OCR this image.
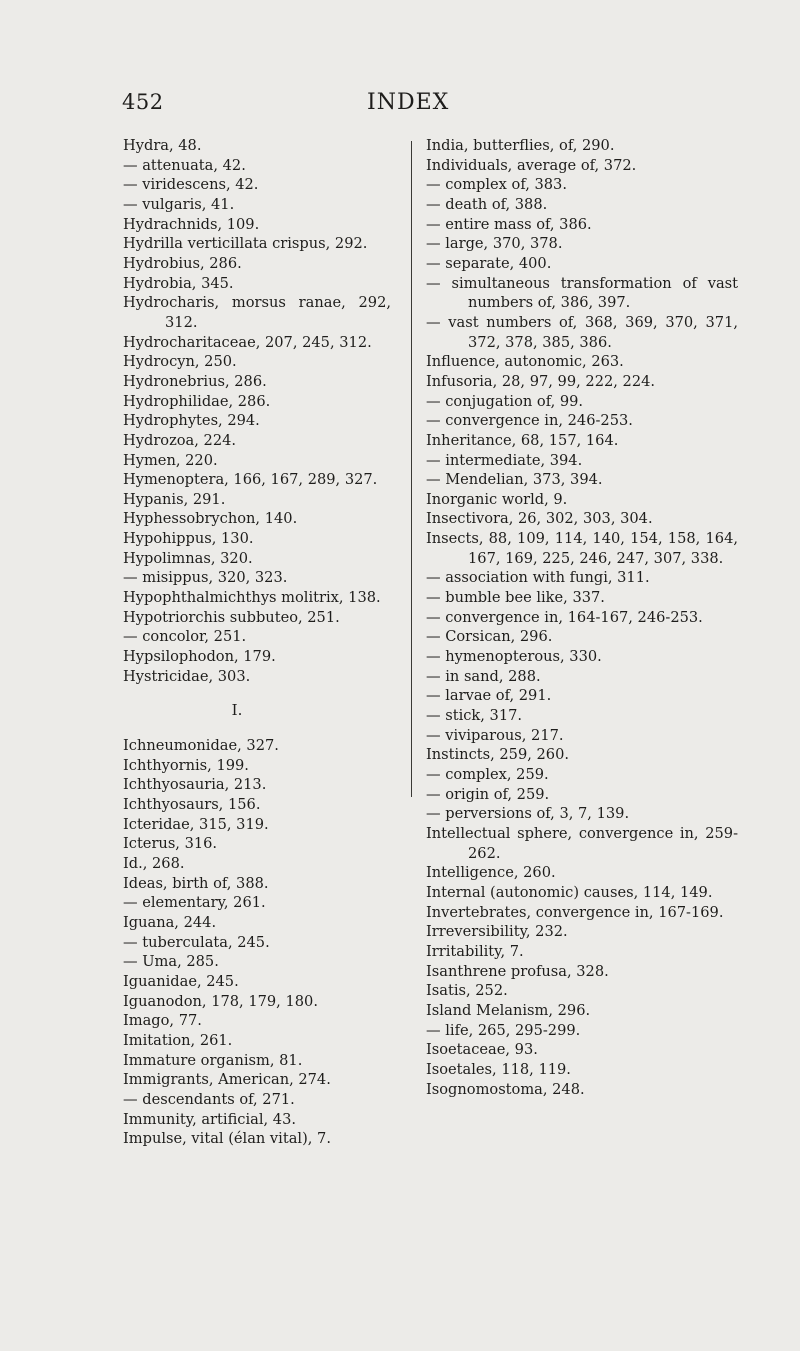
452	INDEX
Hydra, 48.
— attenuata, 42.
— viridescens, 42.
— vulgaris, 41.
Hydrachnids, 109.
Hydrilla verticillata crispus, 292.
Hydrobius, 286.
Hydrobia, 345.
Hydrocharis, morsus ranae, 292, 312.
Hydrocharitaceae, 207, 245, 312.
Hydrocyn, 250.
Hydronebrius, 286.
Hydrophilidae, 286.
Hydrophytes, 294.
Hydrozoa, 224.
Hymen, 220.
Hymenoptera, 166, 167, 289, 327.
Hypanis, 291.
Hyphessobrychon, 140.
Hypohippus, 130.
Hypolimnas, 320.
— misippus, 320, 323.
Hypophthalmichthys molitrix, 138.
Hypotriorchis subbuteo, 251.
— concolor, 251.
Hypsilophodon, 179.
Hystricidae, 303.
I.
Ichneumonidae, 327.
Ichthyornis, 199.
Ichthyosauria, 213.
Ichthyosaurs, 156.
Icteridae, 315, 319.
Icterus, 316.
Id., 268.
Ideas, birth of, 388.
— elementary, 261.
Iguana, 244.
— tuberculata, 245.
— Uma, 285.
Iguanidae, 245.
Iguanodon, 178, 179, 180.
Imago, 77.
Imitation, 261.
Immature organism, 81.
Immigrants, American, 274.
— descendants of, 271.
Immunity, artificial, 43.
Impulse, vital (élan vital), 7.
India, butterflies, of, 290.
Individuals, average of, 372.
— complex of, 383.
— death of, 388.
— entire mass of, 386.
— large, 370, 378.
— separate, 400.
— simultaneous transformation of vast numbers of, 386, 397.
— vast numbers of, 368, 369, 370, 371, 372, 378, 385, 386.
Influence, autonomic, 263.
Infusoria, 28, 97, 99, 222, 224.
— conjugation of, 99.
— convergence in, 246-253.
Inheritance, 68, 157, 164.
— intermediate, 394.
— Mendelian, 373, 394.
Inorganic world, 9.
Insectivora, 26, 302, 303, 304.
Insects, 88, 109, 114, 140, 154, 158, 164, 167, 169, 225, 246, 247, 307, 338.
— association with fungi, 311.
— bumble bee like, 337.
— convergence in, 164-167, 246-253.
— Corsican, 296.
— hymenopterous, 330.
— in sand, 288.
— larvae of, 291.
— stick, 317.
— viviparous, 217.
Instincts, 259, 260.
— complex, 259.
— origin of, 259.
— perversions of, 3, 7, 139.
Intellectual sphere, convergence in, 259-262.
Intelligence, 260.
Internal (autonomic) causes, 114, 149.
Invertebrates, convergence in, 167-169.
Irreversibility, 232.
Irritability, 7.
Isanthrene profusa, 328.
Isatis, 252.
Island Melanism, 296.
— life, 265, 295-299.
Isoetaceae, 93.
Isoetales, 118, 119.
Isognomostoma, 248.
